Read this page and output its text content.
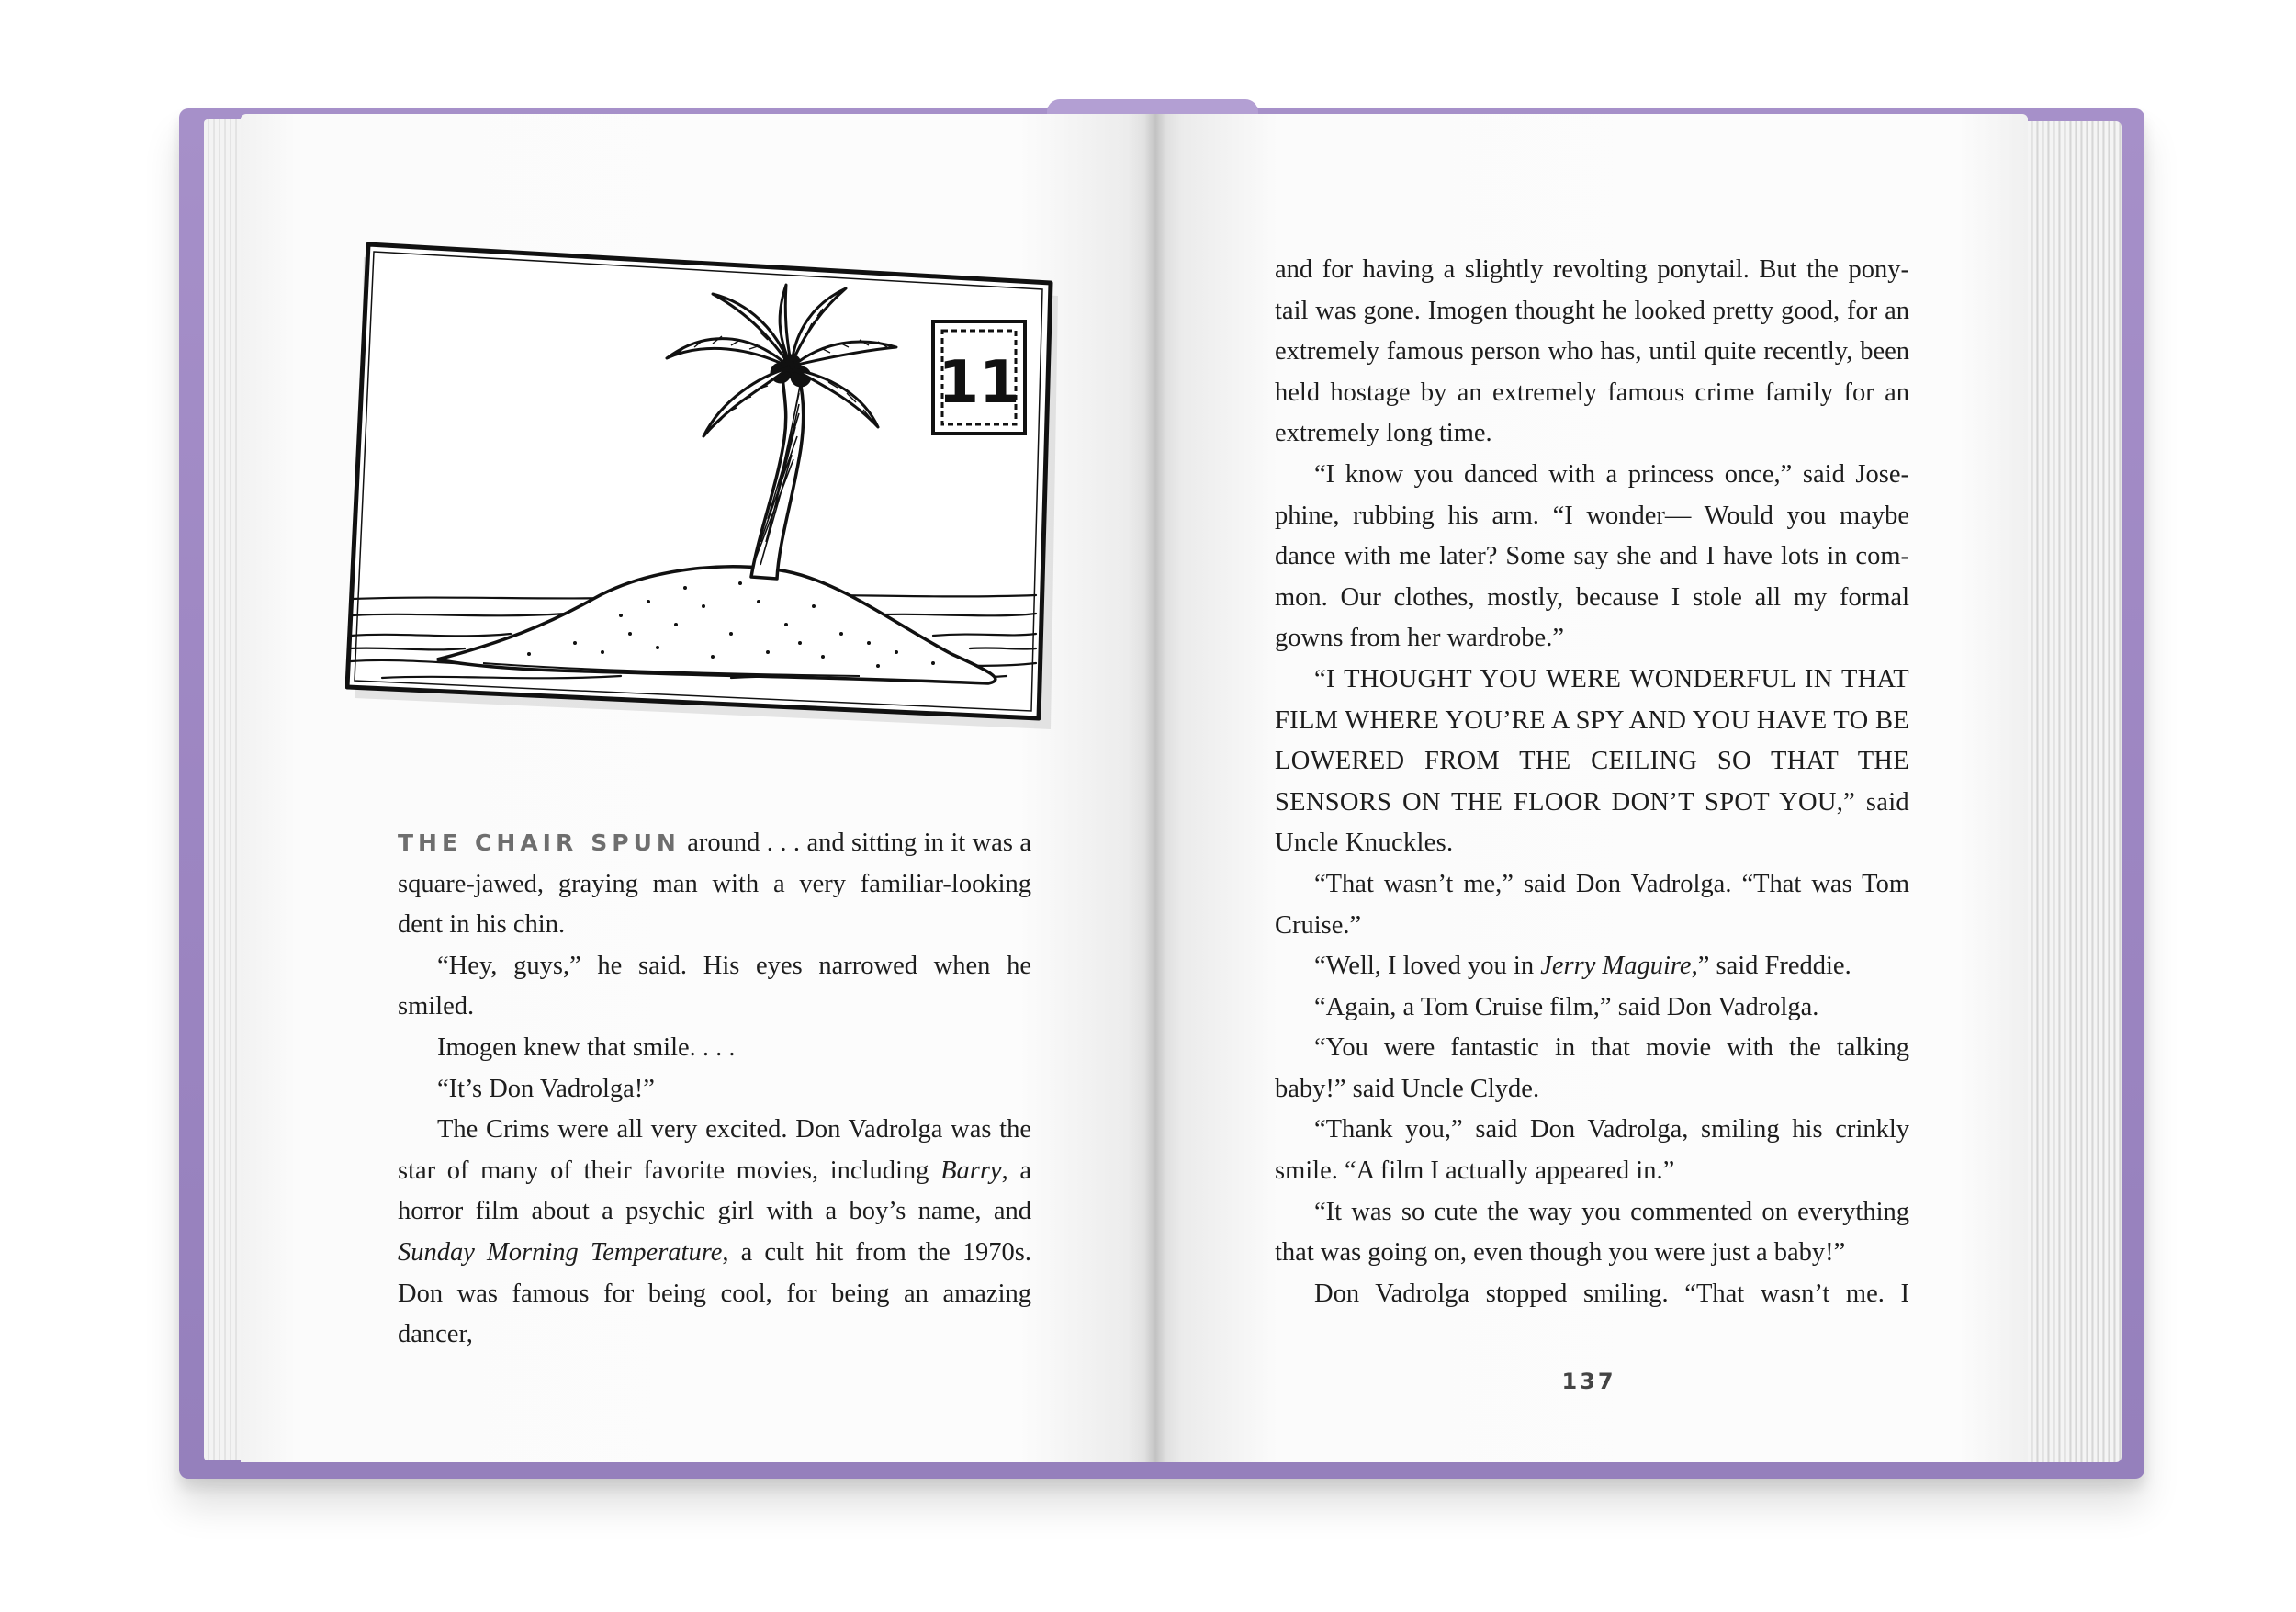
11

THE CHAIR SPUN around . . . and sitting in it was a square-jawed, graying man with a very familiar-looking dent in his chin.

“Hey, guys,” he said. His eyes narrowed when he smiled.

Imogen knew that smile. . . .

“It’s Don Vadrolga!”

The Crims were all very excited. Don Vadrolga was the star of many of their favorite movies, including Barry, a horror film about a psychic girl with a boy’s name, and Sunday Morning Temperature, a cult hit from the 1970s. Don was famous for being cool, for being an amazing dancer,

and for having a slightly revolting ponytail. But the pony-tail was gone. Imogen thought he looked pretty good, for an extremely famous person who has, until quite recently, been held hostage by an extremely famous crime family for an extremely long time.

“I know you danced with a princess once,” said Jose-phine, rubbing his arm. “I wonder— Would you maybe dance with me later? Some say she and I have lots in com-mon. Our clothes, mostly, because I stole all my formal gowns from her wardrobe.”

“I THOUGHT YOU WERE WONDERFUL IN THAT FILM WHERE YOU’RE A SPY AND YOU HAVE TO BE LOWERED FROM THE CEILING SO THAT THE SENSORS ON THE FLOOR DON’T SPOT YOU,” said Uncle Knuckles.

“That wasn’t me,” said Don Vadrolga. “That was Tom Cruise.”

“Well, I loved you in Jerry Maguire,” said Freddie.

“Again, a Tom Cruise film,” said Don Vadrolga.

“You were fantastic in that movie with the talking baby!” said Uncle Clyde.

“Thank you,” said Don Vadrolga, smiling his crinkly smile. “A film I actually appeared in.”

“It was so cute the way you commented on everything that was going on, even though you were just a baby!”

Don Vadrolga stopped smiling. “That wasn’t me. I

137
